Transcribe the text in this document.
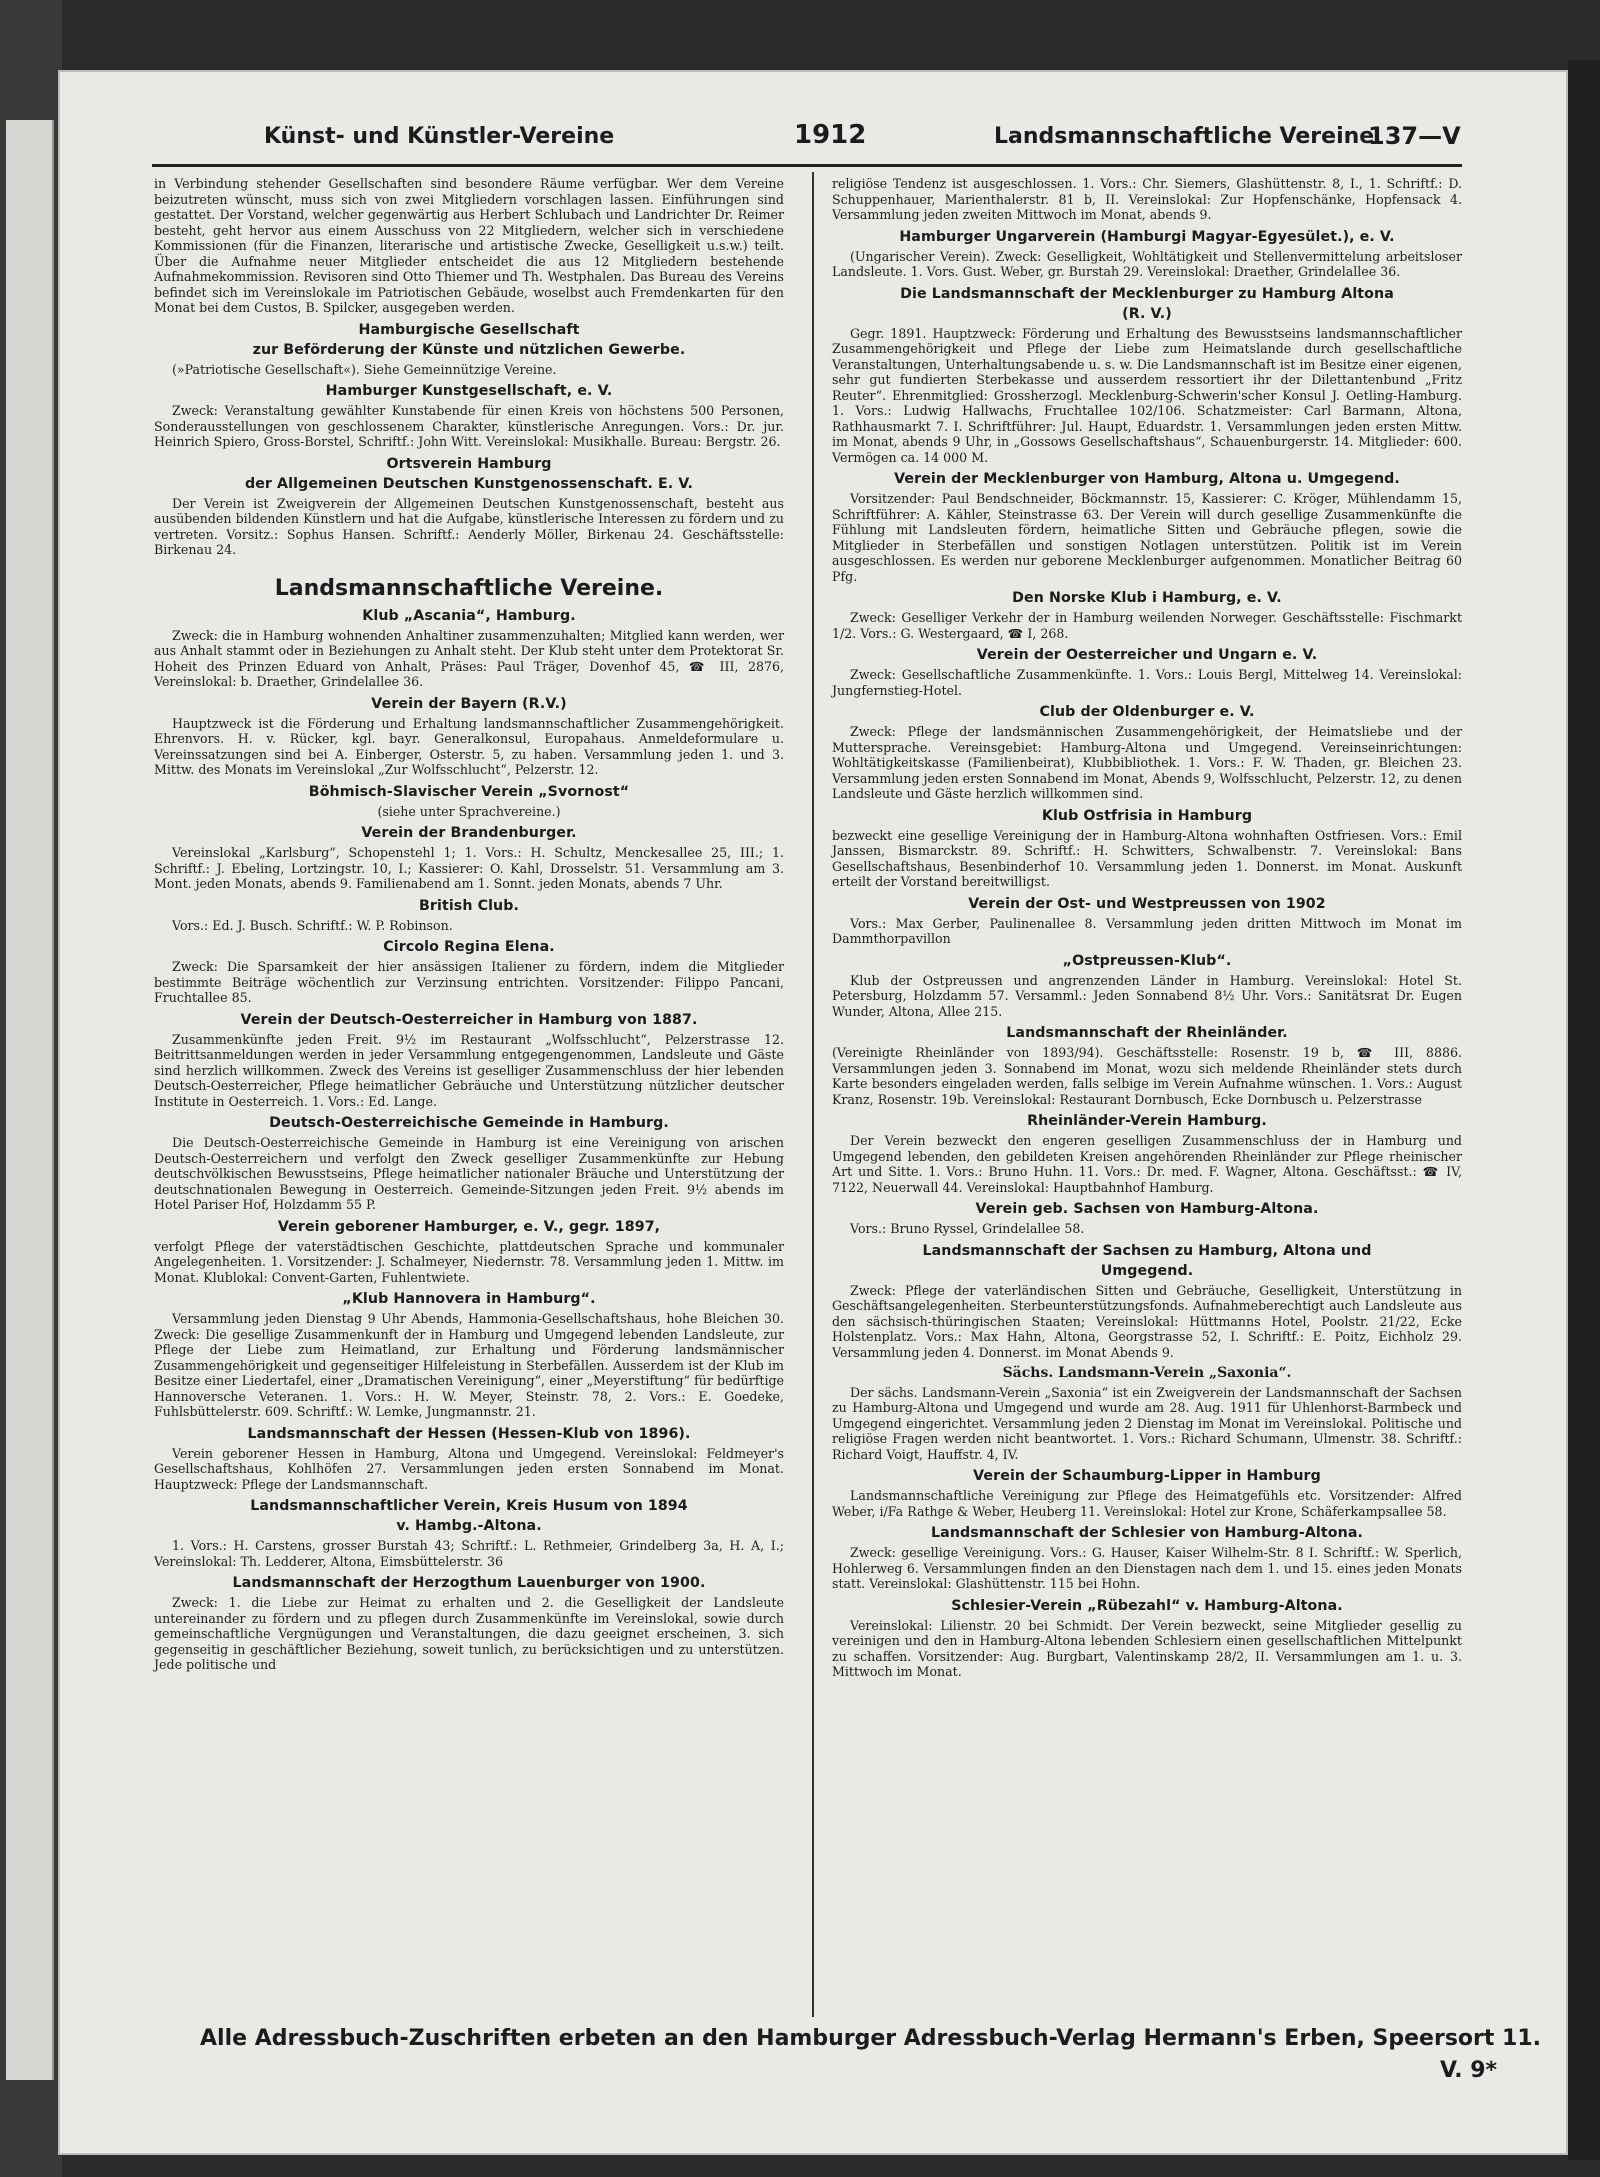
Künst- und Künstler-Vereine	1912	Landsmannschaftliche Vereine
137—V

in Verbindung stehender Gesellschaften sind besondere Räume verfügbar. Wer dem Vereine beizutreten wünscht, muss sich von zwei Mitgliedern vorschlagen lassen. Einführungen sind gestattet. Der Vorstand, welcher gegenwärtig aus Herbert Schlubach und Landrichter Dr. Reimer besteht, geht hervor aus einem Ausschuss von 22 Mitgliedern, welcher sich in verschiedene Kommissionen (für die Finanzen, literarische und artistische Zwecke, Geselligkeit u.s.w.) teilt. Über die Aufnahme neuer Mitglieder entscheidet die aus 12 Mitgliedern bestehende Aufnahmekommission. Revisoren sind Otto Thiemer und Th. Westphalen. Das Bureau des Vereins befindet sich im Vereinslokale im Patriotischen Gebäude, woselbst auch Fremdenkarten für den Monat bei dem Custos, B. Spilcker, ausgegeben werden.

Hamburgische Gesellschaft
zur Beförderung der Künste und nützlichen Gewerbe.

(»Patriotische Gesellschaft«). Siehe Gemeinnützige Vereine.

Hamburger Kunstgesellschaft, e. V.

Zweck: Veranstaltung gewählter Kunstabende für einen Kreis von höchstens 500 Personen, Sonderausstellungen von geschlossenem Charakter, künstlerische Anregungen. Vors.: Dr. jur. Heinrich Spiero, Gross-Borstel, Schriftf.: John Witt. Vereinslokal: Musikhalle. Bureau: Bergstr. 26.

Ortsverein Hamburg
der Allgemeinen Deutschen Kunstgenossenschaft. E. V.

Der Verein ist Zweigverein der Allgemeinen Deutschen Kunstgenossenschaft, besteht aus ausübenden bildenden Künstlern und hat die Aufgabe, künstlerische Interessen zu fördern und zu vertreten. Vorsitz.: Sophus Hansen. Schriftf.: Aenderly Möller, Birkenau 24. Geschäftsstelle: Birkenau 24.

Landsmannschaftliche Vereine.
Klub „Ascania“, Hamburg.

Zweck: die in Hamburg wohnenden Anhaltiner zusammenzuhalten; Mitglied kann werden, wer aus Anhalt stammt oder in Beziehungen zu Anhalt steht. Der Klub steht unter dem Protektorat Sr. Hoheit des Prinzen Eduard von Anhalt, Präses: Paul Träger, Dovenhof 45, ☎ III, 2876, Vereinslokal: b. Draether, Grindelallee 36.

Verein der Bayern (R.V.)

Hauptzweck ist die Förderung und Erhaltung landsmannschaftlicher Zusammengehörigkeit. Ehrenvors. H. v. Rücker, kgl. bayr. Generalkonsul, Europahaus. Anmeldeformulare u. Vereinssatzungen sind bei A. Einberger, Osterstr. 5, zu haben. Versammlung jeden 1. und 3. Mittw. des Monats im Vereinslokal „Zur Wolfsschlucht“, Pelzerstr. 12.

Böhmisch-Slavischer Verein „Svornost“
(siehe unter Sprachvereine.)
Verein der Brandenburger.

Vereinslokal „Karlsburg“, Schopenstehl 1; 1. Vors.: H. Schultz, Menckesallee 25, III.; 1. Schriftf.: J. Ebeling, Lortzingstr. 10, I.; Kassierer: O. Kahl, Drosselstr. 51. Versammlung am 3. Mont. jeden Monats, abends 9. Familienabend am 1. Sonnt. jeden Monats, abends 7 Uhr.

British Club.

Vors.: Ed. J. Busch. Schriftf.: W. P. Robinson.

Circolo Regina Elena.

Zweck: Die Sparsamkeit der hier ansässigen Italiener zu fördern, indem die Mitglieder bestimmte Beiträge wöchentlich zur Verzinsung entrichten. Vorsitzender: Filippo Pancani, Fruchtallee 85.

Verein der Deutsch-Oesterreicher in Hamburg von 1887.

Zusammenkünfte jeden Freit. 9½ im Restaurant „Wolfsschlucht“, Pelzerstrasse 12. Beitrittsanmeldungen werden in jeder Versammlung entgegengenommen, Landsleute und Gäste sind herzlich willkommen. Zweck des Vereins ist geselliger Zusammenschluss der hier lebenden Deutsch-Oesterreicher, Pflege heimatlicher Gebräuche und Unterstützung nützlicher deutscher Institute in Oesterreich. 1. Vors.: Ed. Lange.

Deutsch-Oesterreichische Gemeinde in Hamburg.

Die Deutsch-Oesterreichische Gemeinde in Hamburg ist eine Vereinigung von arischen Deutsch-Oesterreichern und verfolgt den Zweck geselliger Zusammenkünfte zur Hebung deutschvölkischen Bewusstseins, Pflege heimatlicher nationaler Bräuche und Unterstützung der deutschnationalen Bewegung in Oesterreich. Gemeinde-Sitzungen jeden Freit. 9½ abends im Hotel Pariser Hof, Holzdamm 55 P.

Verein geborener Hamburger, e. V., gegr. 1897,

verfolgt Pflege der vaterstädtischen Geschichte, plattdeutschen Sprache und kommunaler Angelegenheiten. 1. Vorsitzender: J. Schalmeyer, Niedernstr. 78. Versammlung jeden 1. Mittw. im Monat. Klublokal: Convent-Garten, Fuhlentwiete.

„Klub Hannovera in Hamburg“.

Versammlung jeden Dienstag 9 Uhr Abends, Hammonia-Gesellschaftshaus, hohe Bleichen 30. Zweck: Die gesellige Zusammenkunft der in Hamburg und Umgegend lebenden Landsleute, zur Pflege der Liebe zum Heimatland, zur Erhaltung und Förderung landsmännischer Zusammengehörigkeit und gegenseitiger Hilfeleistung in Sterbefällen. Ausserdem ist der Klub im Besitze einer Liedertafel, einer „Dramatischen Vereinigung“, einer „Meyerstiftung“ für bedürftige Hannoversche Veteranen. 1. Vors.: H. W. Meyer, Steinstr. 78, 2. Vors.: E. Goedeke, Fuhlsbüttelerstr. 609. Schriftf.: W. Lemke, Jungmannstr. 21.

Landsmannschaft der Hessen (Hessen-Klub von 1896).

Verein geborener Hessen in Hamburg, Altona und Umgegend. Vereinslokal: Feldmeyer's Gesellschaftshaus, Kohlhöfen 27. Versammlungen jeden ersten Sonnabend im Monat. Hauptzweck: Pflege der Landsmannschaft.

Landsmannschaftlicher Verein, Kreis Husum von 1894
v. Hambg.-Altona.

1. Vors.: H. Carstens, grosser Burstah 43; Schriftf.: L. Rethmeier, Grindelberg 3a, H. A, I.; Vereinslokal: Th. Ledderer, Altona, Eimsbüttelerstr. 36

Landsmannschaft der Herzogthum Lauenburger von 1900.

Zweck: 1. die Liebe zur Heimat zu erhalten und 2. die Geselligkeit der Landsleute untereinander zu fördern und zu pflegen durch Zusammenkünfte im Vereinslokal, sowie durch gemeinschaftliche Vergnügungen und Veranstaltungen, die dazu geeignet erscheinen, 3. sich gegenseitig in geschäftlicher Beziehung, soweit tunlich, zu berücksichtigen und zu unterstützen. Jede politische und

religiöse Tendenz ist ausgeschlossen. 1. Vors.: Chr. Siemers, Glashüttenstr. 8, I., 1. Schriftf.: D. Schuppenhauer, Marienthalerstr. 81 b, II. Vereinslokal: Zur Hopfenschänke, Hopfensack 4. Versammlung jeden zweiten Mittwoch im Monat, abends 9.

Hamburger Ungarverein (Hamburgi Magyar-Egyesület.), e. V.

(Ungarischer Verein). Zweck: Geselligkeit, Wohltätigkeit und Stellenvermittelung arbeitsloser Landsleute. 1. Vors. Gust. Weber, gr. Burstah 29. Vereinslokal: Draether, Grindelallee 36.

Die Landsmannschaft der Mecklenburger zu Hamburg Altona
(R. V.)

Gegr. 1891. Hauptzweck: Förderung und Erhaltung des Bewusstseins landsmannschaftlicher Zusammengehörigkeit und Pflege der Liebe zum Heimatslande durch gesellschaftliche Veranstaltungen, Unterhaltungsabende u. s. w. Die Landsmannschaft ist im Besitze einer eigenen, sehr gut fundierten Sterbekasse und ausserdem ressortiert ihr der Dilettantenbund „Fritz Reuter“. Ehrenmitglied: Grossherzogl. Mecklenburg-Schwerin'scher Konsul J. Oetling-Hamburg. 1. Vors.: Ludwig Hallwachs, Fruchtallee 102/106. Schatzmeister: Carl Barmann, Altona, Rathhausmarkt 7. I. Schriftführer: Jul. Haupt, Eduardstr. 1. Versammlungen jeden ersten Mittw. im Monat, abends 9 Uhr, in „Gossows Gesellschaftshaus“, Schauenburgerstr. 14. Mitglieder: 600. Vermögen ca. 14 000 M.

Verein der Mecklenburger von Hamburg, Altona u. Umgegend.

Vorsitzender: Paul Bendschneider, Böckmannstr. 15, Kassierer: C. Kröger, Mühlendamm 15, Schriftführer: A. Kähler, Steinstrasse 63. Der Verein will durch gesellige Zusammenkünfte die Fühlung mit Landsleuten fördern, heimatliche Sitten und Gebräuche pflegen, sowie die Mitglieder in Sterbefällen und sonstigen Notlagen unterstützen. Politik ist im Verein ausgeschlossen. Es werden nur geborene Mecklenburger aufgenommen. Monatlicher Beitrag 60 Pfg.

Den Norske Klub i Hamburg, e. V.

Zweck: Geselliger Verkehr der in Hamburg weilenden Norweger. Geschäftsstelle: Fischmarkt 1/2. Vors.: G. Westergaard, ☎ I, 268.

Verein der Oesterreicher und Ungarn e. V.

Zweck: Gesellschaftliche Zusammenkünfte. 1. Vors.: Louis Bergl, Mittelweg 14. Vereinslokal: Jungfernstieg-Hotel.

Club der Oldenburger e. V.

Zweck: Pflege der landsmännischen Zusammengehörigkeit, der Heimatsliebe und der Muttersprache. Vereinsgebiet: Hamburg-Altona und Umgegend. Vereinseinrichtungen: Wohltätigkeitskasse (Familienbeirat), Klubbibliothek. 1. Vors.: F. W. Thaden, gr. Bleichen 23. Versammlung jeden ersten Sonnabend im Monat, Abends 9, Wolfsschlucht, Pelzerstr. 12, zu denen Landsleute und Gäste herzlich willkommen sind.

Klub Ostfrisia in Hamburg

bezweckt eine gesellige Vereinigung der in Hamburg-Altona wohnhaften Ostfriesen. Vors.: Emil Janssen, Bismarckstr. 89. Schriftf.: H. Schwitters, Schwalbenstr. 7. Vereinslokal: Bans Gesellschaftshaus, Besenbinderhof 10. Versammlung jeden 1. Donnerst. im Monat. Auskunft erteilt der Vorstand bereitwilligst.

Verein der Ost- und Westpreussen von 1902

Vors.: Max Gerber, Paulinenallee 8. Versammlung jeden dritten Mittwoch im Monat im Dammthorpavillon

„Ostpreussen-Klub“.

Klub der Ostpreussen und angrenzenden Länder in Hamburg. Vereinslokal: Hotel St. Petersburg, Holzdamm 57. Versamml.: Jeden Sonnabend 8½ Uhr. Vors.: Sanitätsrat Dr. Eugen Wunder, Altona, Allee 215.

Landsmannschaft der Rheinländer.

(Vereinigte Rheinländer von 1893/94). Geschäftsstelle: Rosenstr. 19 b, ☎ III, 8886. Versammlungen jeden 3. Sonnabend im Monat, wozu sich meldende Rheinländer stets durch Karte besonders eingeladen werden, falls selbige im Verein Aufnahme wünschen. 1. Vors.: August Kranz, Rosenstr. 19b. Vereinslokal: Restaurant Dornbusch, Ecke Dornbusch u. Pelzerstrasse

Rheinländer-Verein Hamburg.

Der Verein bezweckt den engeren geselligen Zusammenschluss der in Hamburg und Umgegend lebenden, den gebildeten Kreisen angehörenden Rheinländer zur Pflege rheinischer Art und Sitte. 1. Vors.: Bruno Huhn. 11. Vors.: Dr. med. F. Wagner, Altona. Geschäftsst.: ☎ IV, 7122, Neuerwall 44. Vereinslokal: Hauptbahnhof Hamburg.

Verein geb. Sachsen von Hamburg-Altona.

Vors.: Bruno Ryssel, Grindelallee 58.

Landsmannschaft der Sachsen zu Hamburg, Altona und
Umgegend.

Zweck: Pflege der vaterländischen Sitten und Gebräuche, Geselligkeit, Unterstützung in Geschäftsangelegenheiten. Sterbeunterstützungsfonds. Aufnahmeberechtigt auch Landsleute aus den sächsisch-thüringischen Staaten; Vereinslokal: Hüttmanns Hotel, Poolstr. 21/22, Ecke Holstenplatz. Vors.: Max Hahn, Altona, Georgstrasse 52, I. Schriftf.: E. Poitz, Eichholz 29. Versammlung jeden 4. Donnerst. im Monat Abends 9.

Sächs. Landsmann-Verein „Saxonia“.

Der sächs. Landsmann-Verein „Saxonia“ ist ein Zweigverein der Landsmannschaft der Sachsen zu Hamburg-Altona und Umgegend und wurde am 28. Aug. 1911 für Uhlenhorst-Barmbeck und Umgegend eingerichtet. Versammlung jeden 2 Dienstag im Monat im Vereinslokal. Politische und religiöse Fragen werden nicht beantwortet. 1. Vors.: Richard Schumann, Ulmenstr. 38. Schriftf.: Richard Voigt, Hauffstr. 4, IV.

Verein der Schaumburg-Lipper in Hamburg

Landsmannschaftliche Vereinigung zur Pflege des Heimatgefühls etc. Vorsitzender: Alfred Weber, i/Fa Rathge & Weber, Heuberg 11. Vereinslokal: Hotel zur Krone, Schäferkampsallee 58.

Landsmannschaft der Schlesier von Hamburg-Altona.

Zweck: gesellige Vereinigung. Vors.: G. Hauser, Kaiser Wilhelm-Str. 8 I. Schriftf.: W. Sperlich, Hohlerweg 6. Versammlungen finden an den Dienstagen nach dem 1. und 15. eines jeden Monats statt. Vereinslokal: Glashüttenstr. 115 bei Hohn.

Schlesier-Verein „Rübezahl“ v. Hamburg-Altona.

Vereinslokal: Lilienstr. 20 bei Schmidt. Der Verein bezweckt, seine Mitglieder gesellig zu vereinigen und den in Hamburg-Altona lebenden Schlesiern einen gesellschaftlichen Mittelpunkt zu schaffen. Vorsitzender: Aug. Burgbart, Valentinskamp 28/2, II. Versammlungen am 1. u. 3. Mittwoch im Monat.

Alle Adressbuch-Zuschriften erbeten an den Hamburger Adressbuch-Verlag Hermann's Erben, Speersort 11.
V. 9*
